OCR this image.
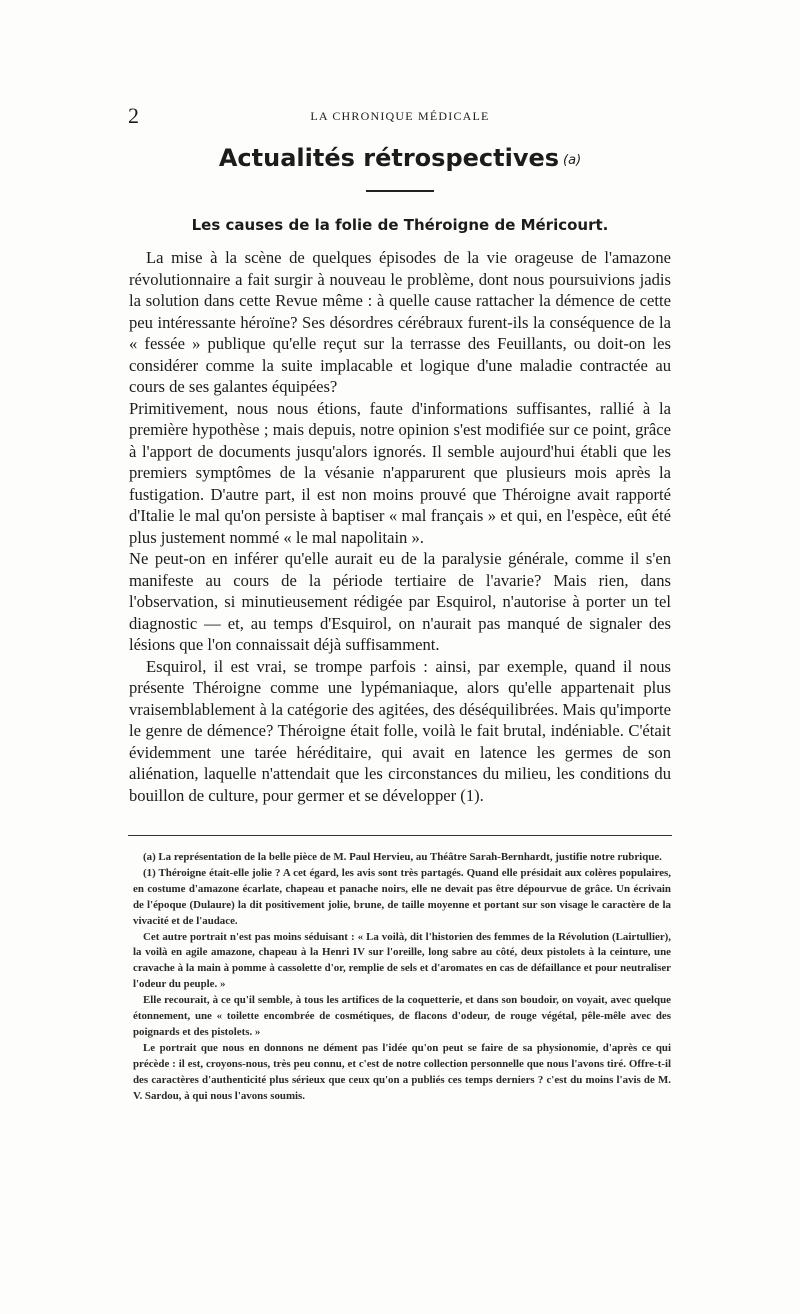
2	LA CHRONIQUE MÉDICALE
Actualités rétrospectives $^{(a)}$
Les causes de la folie de Théroigne de Méricourt.

La mise à la scène de quelques épisodes de la vie orageuse de l'amazone révolutionnaire a fait surgir à nouveau le problème, dont nous poursuivions jadis la solution dans cette Revue même : à quelle cause rattacher la démence de cette peu intéressante héroïne? Ses désordres cérébraux furent-ils la conséquence de la « fessée » publique qu'elle reçut sur la terrasse des Feuillants, ou doit-on les considérer comme la suite implacable et logique d'une maladie contractée au cours de ses galantes équipées?

Primitivement, nous nous étions, faute d'informations suffisantes, rallié à la première hypothèse ; mais depuis, notre opinion s'est modifiée sur ce point, grâce à l'apport de documents jusqu'alors ignorés. Il semble aujourd'hui établi que les premiers symptômes de la vésanie n'apparurent que plusieurs mois après la fustigation. D'autre part, il est non moins prouvé que Théroigne avait rapporté d'Italie le mal qu'on persiste à baptiser « mal français » et qui, en l'espèce, eût été plus justement nommé « le mal napolitain ».

Ne peut-on en inférer qu'elle aurait eu de la paralysie générale, comme il s'en manifeste au cours de la période tertiaire de l'avarie? Mais rien, dans l'observation, si minutieusement rédigée par Esquirol, n'autorise à porter un tel diagnostic — et, au temps d'Esquirol, on n'aurait pas manqué de signaler des lésions que l'on connaissait déjà suffisamment.

Esquirol, il est vrai, se trompe parfois : ainsi, par exemple, quand il nous présente Théroigne comme une lypémaniaque, alors qu'elle appartenait plus vraisemblablement à la catégorie des agitées, des déséquilibrées. Mais qu'importe le genre de démence? Théroigne était folle, voilà le fait brutal, indéniable. C'était évidemment une tarée héréditaire, qui avait en latence les germes de son aliénation, laquelle n'attendait que les circonstances du milieu, les conditions du bouillon de culture, pour germer et se développer (1).

(a) La représentation de la belle pièce de M. Paul Hervieu, au Théâtre Sarah-Bernhardt, justifie notre rubrique.

(1) Théroigne était-elle jolie ? A cet égard, les avis sont très partagés. Quand elle présidait aux colères populaires, en costume d'amazone écarlate, chapeau et panache noirs, elle ne devait pas être dépourvue de grâce. Un écrivain de l'époque (Dulaure) la dit positivement jolie, brune, de taille moyenne et portant sur son visage le caractère de la vivacité et de l'audace.

Cet autre portrait n'est pas moins séduisant : « La voilà, dit l'historien des femmes de la Révolution (Lairtullier), la voilà en agile amazone, chapeau à la Henri IV sur l'oreille, long sabre au côté, deux pistolets à la ceinture, une cravache à la main à pomme à cassolette d'or, remplie de sels et d'aromates en cas de défaillance et pour neutraliser l'odeur du peuple. »

Elle recourait, à ce qu'il semble, à tous les artifices de la coquetterie, et dans son boudoir, on voyait, avec quelque étonnement, une « toilette encombrée de cosmétiques, de flacons d'odeur, de rouge végétal, pêle-mêle avec des poignards et des pistolets. »

Le portrait que nous en donnons ne dément pas l'idée qu'on peut se faire de sa physionomie, d'après ce qui précède : il est, croyons-nous, très peu connu, et c'est de notre collection personnelle que nous l'avons tiré. Offre-t-il des caractères d'authenticité plus sérieux que ceux qu'on a publiés ces temps derniers ? c'est du moins l'avis de M. V. Sardou, à qui nous l'avons soumis.
